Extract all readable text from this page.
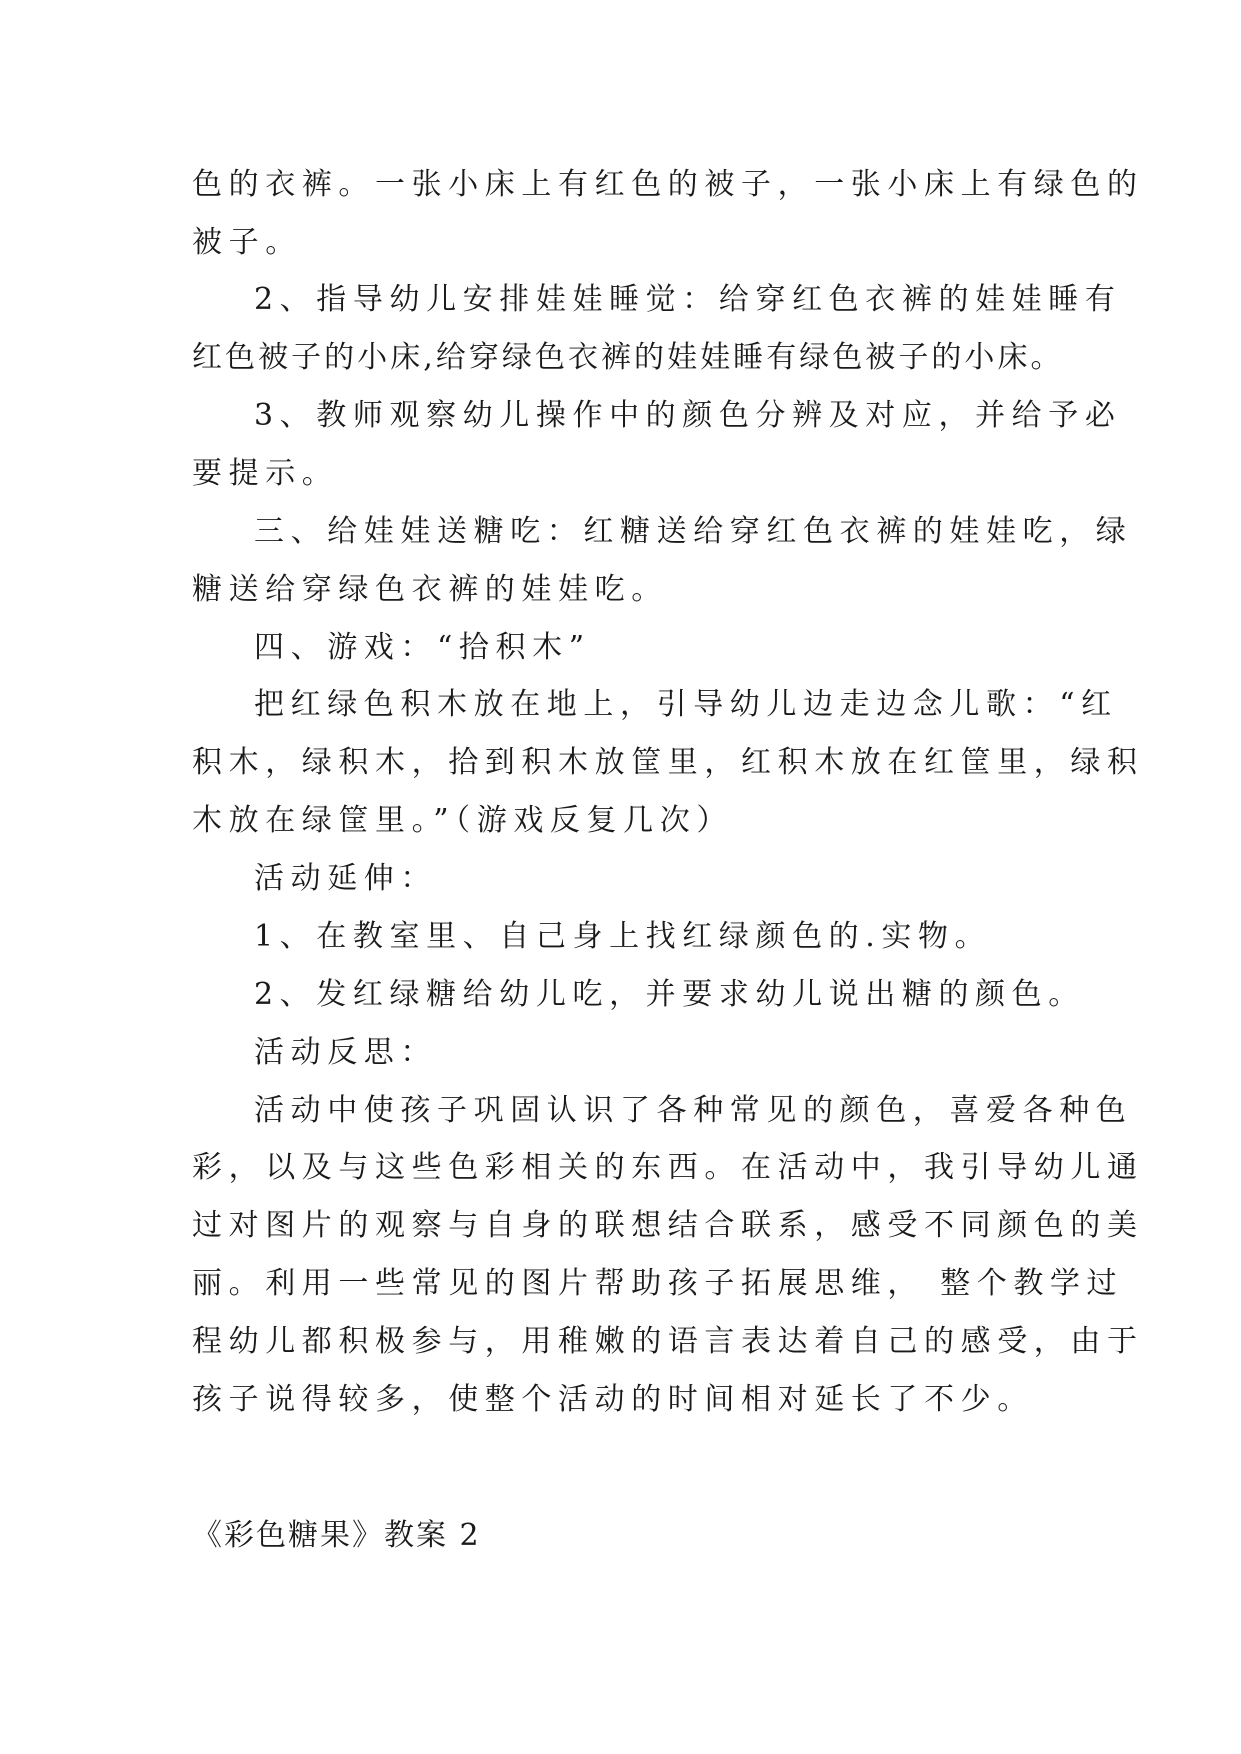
色的衣裤。一张小床上有红色的被子，一张小床上有绿色的
被子。
2、指导幼儿安排娃娃睡觉：给穿红色衣裤的娃娃睡有
红色被子的小床,给穿绿色衣裤的娃娃睡有绿色被子的小床。
3、教师观察幼儿操作中的颜色分辨及对应，并给予必
要提示。
三、给娃娃送糖吃：红糖送给穿红色衣裤的娃娃吃，绿
糖送给穿绿色衣裤的娃娃吃。
四、游戏：“拾积木”
把红绿色积木放在地上，引导幼儿边走边念儿歌：“红
积木，绿积木，拾到积木放筐里，红积木放在红筐里，绿积
木放在绿筐里。”（游戏反复几次）
活动延伸：
1、在教室里、自己身上找红绿颜色的.实物。
2、发红绿糖给幼儿吃，并要求幼儿说出糖的颜色。
活动反思：
活动中使孩子巩固认识了各种常见的颜色，喜爱各种色
彩，以及与这些色彩相关的东西。在活动中，我引导幼儿通
过对图片的观察与自身的联想结合联系，感受不同颜色的美
丽。利用一些常见的图片帮助孩子拓展思维， 整个教学过
程幼儿都积极参与，用稚嫩的语言表达着自己的感受，由于
孩子说得较多，使整个活动的时间相对延长了不少。
《彩色糖果》教案 2
